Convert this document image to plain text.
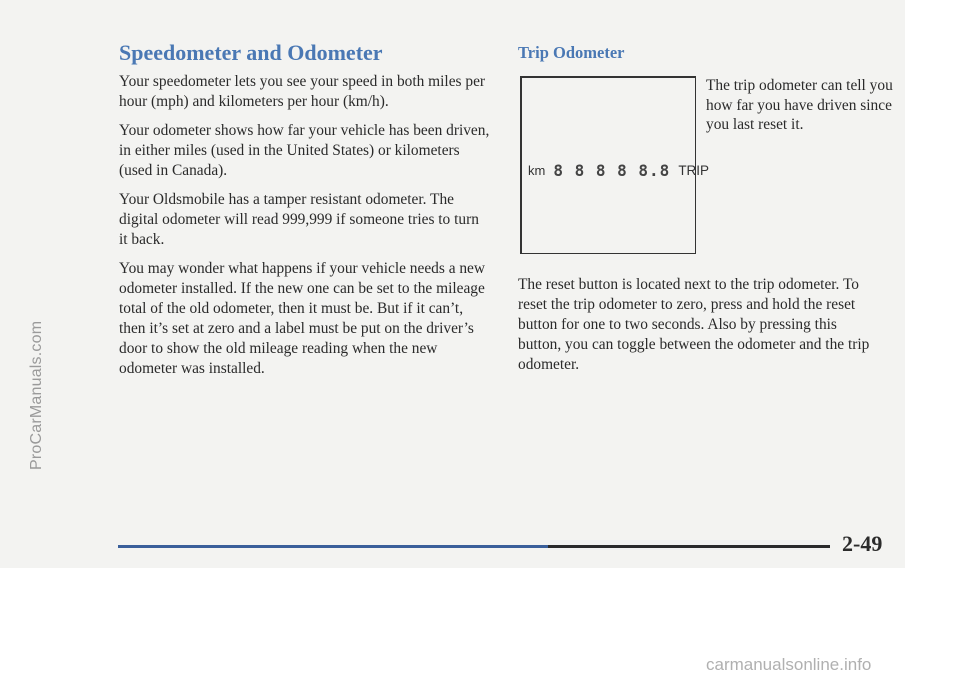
ProCarManuals.com
Speedometer and Odometer

Your speedometer lets you see your speed in both miles per hour (mph) and kilometers per hour (km/h).

Your odometer shows how far your vehicle has been driven, in either miles (used in the United States) or kilometers (used in Canada).

Your Oldsmobile has a tamper resistant odometer. The digital odometer will read 999,999 if someone tries to turn it back.

You may wonder what happens if your vehicle needs a new odometer installed. If the new one can be set to the mileage total of the old odometer, then it must be. But if it can’t, then it’s set at zero and a label must be put on the driver’s door to show the old mileage reading when the new odometer was installed.

Trip Odometer
km 8 8 8 8 8.8 TRIP
The trip odometer can tell you how far you have driven since you last reset it.
The reset button is located next to the trip odometer. To reset the trip odometer to zero, press and hold the reset button for one to two seconds. Also by pressing this button, you can toggle between the odometer and the trip odometer.
2-49
carmanualsonline.info
